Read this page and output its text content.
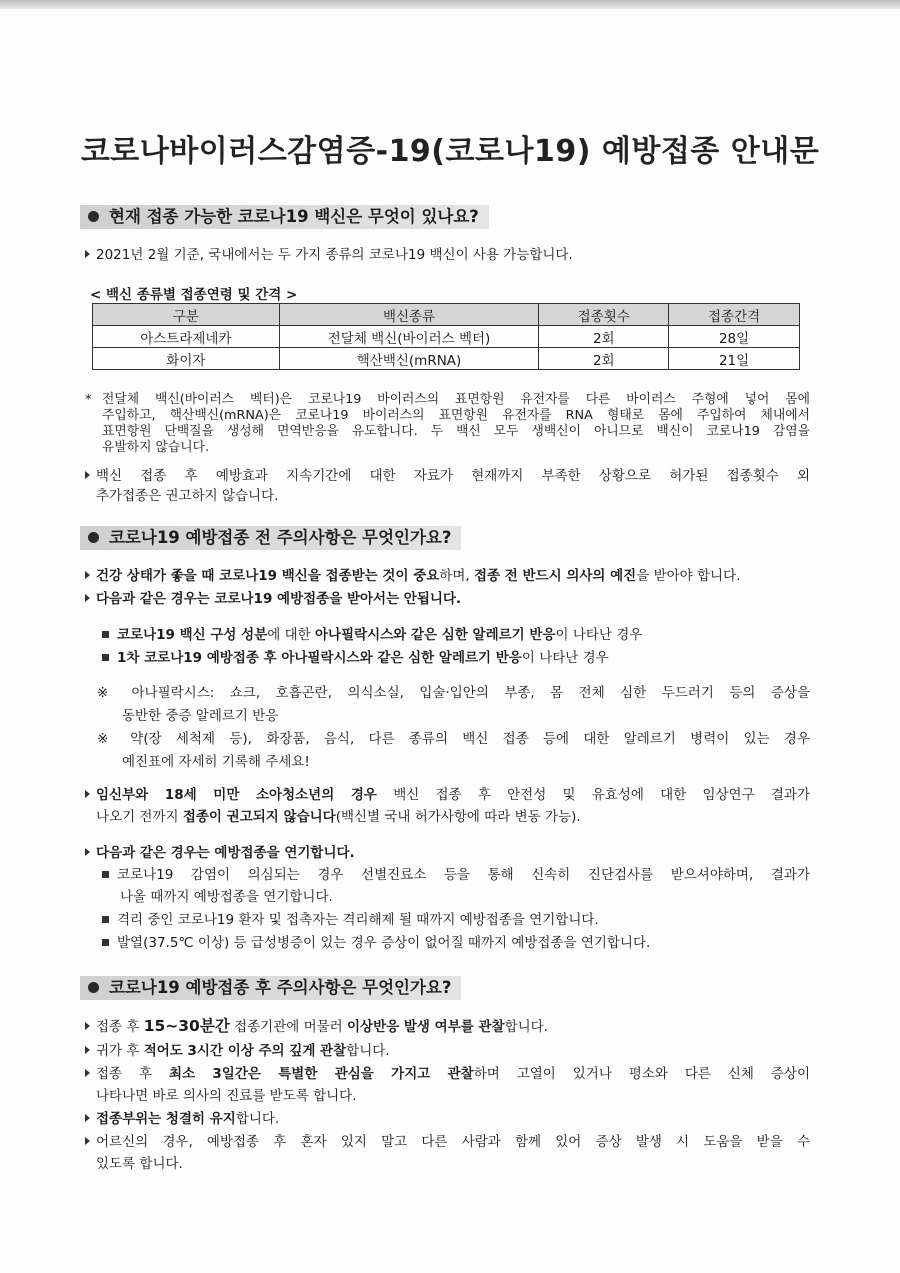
코로나바이러스감염증-19(코로나19) 예방접종 안내문
현재 접종 가능한 코로나19 백신은 무엇이 있나요?
2021년 2월 기준, 국내에서는 두 가지 종류의 코로나19 백신이 사용 가능합니다.
< 백신 종류별 접종연령 및 간격 >
구분	백신종류	접종횟수	접종간격
아스트라제네카	전달체 백신(바이러스 벡터)	2회	28일
화이자	핵산백신(mRNA)	2회	21일
* 전달체 백신(바이러스 벡터)은 코로나19 바이러스의 표면항원 유전자를 다른 바이러스 주형에 넣어 몸에
주입하고, 핵산백신(mRNA)은 코로나19 바이러스의 표면항원 유전자를 RNA 형태로 몸에 주입하여 체내에서
표면항원 단백질을 생성해 면역반응을 유도합니다. 두 백신 모두 생백신이 아니므로 백신이 코로나19 감염을
유발하지 않습니다.
백신 접종 후 예방효과 지속기간에 대한 자료가 현재까지 부족한 상황으로 허가된 접종횟수 외
추가접종은 권고하지 않습니다.
코로나19 예방접종 전 주의사항은 무엇인가요?
건강 상태가 좋을 때 코로나19 백신을 접종받는 것이 중요하며, 접종 전 반드시 의사의 예진을 받아야 합니다.
다음과 같은 경우는 코로나19 예방접종을 받아서는 안됩니다.
코로나19 백신 구성 성분에 대한 아나필락시스와 같은 심한 알레르기 반응이 나타난 경우
1차 코로나19 예방접종 후 아나필락시스와 같은 심한 알레르기 반응이 나타난 경우
※ 아나필락시스: 쇼크, 호흡곤란, 의식소실, 입술·입안의 부종, 몸 전체 심한 두드러기 등의 증상을
동반한 중증 알레르기 반응
※ 약(장 세척제 등), 화장품, 음식, 다른 종류의 백신 접종 등에 대한 알레르기 병력이 있는 경우
예진표에 자세히 기록해 주세요!
임신부와 18세 미만 소아청소년의 경우 백신 접종 후 안전성 및 유효성에 대한 임상연구 결과가
나오기 전까지 접종이 권고되지 않습니다(백신별 국내 허가사항에 따라 변동 가능).
다음과 같은 경우는 예방접종을 연기합니다.
코로나19 감염이 의심되는 경우 선별진료소 등을 통해 신속히 진단검사를 받으셔야하며, 결과가
나올 때까지 예방접종을 연기합니다.
격리 중인 코로나19 환자 및 접촉자는 격리해제 될 때까지 예방접종을 연기합니다.
발열(37.5℃ 이상) 등 급성병증이 있는 경우 증상이 없어질 때까지 예방접종을 연기합니다.
코로나19 예방접종 후 주의사항은 무엇인가요?
접종 후 15~30분간 접종기관에 머물러 이상반응 발생 여부를 관찰합니다.
귀가 후 적어도 3시간 이상 주의 깊게 관찰합니다.
접종 후 최소 3일간은 특별한 관심을 가지고 관찰하며 고열이 있거나 평소와 다른 신체 증상이
나타나면 바로 의사의 진료를 받도록 합니다.
접종부위는 청결히 유지합니다.
어르신의 경우, 예방접종 후 혼자 있지 말고 다른 사람과 함께 있어 증상 발생 시 도움을 받을 수
있도록 합니다.
